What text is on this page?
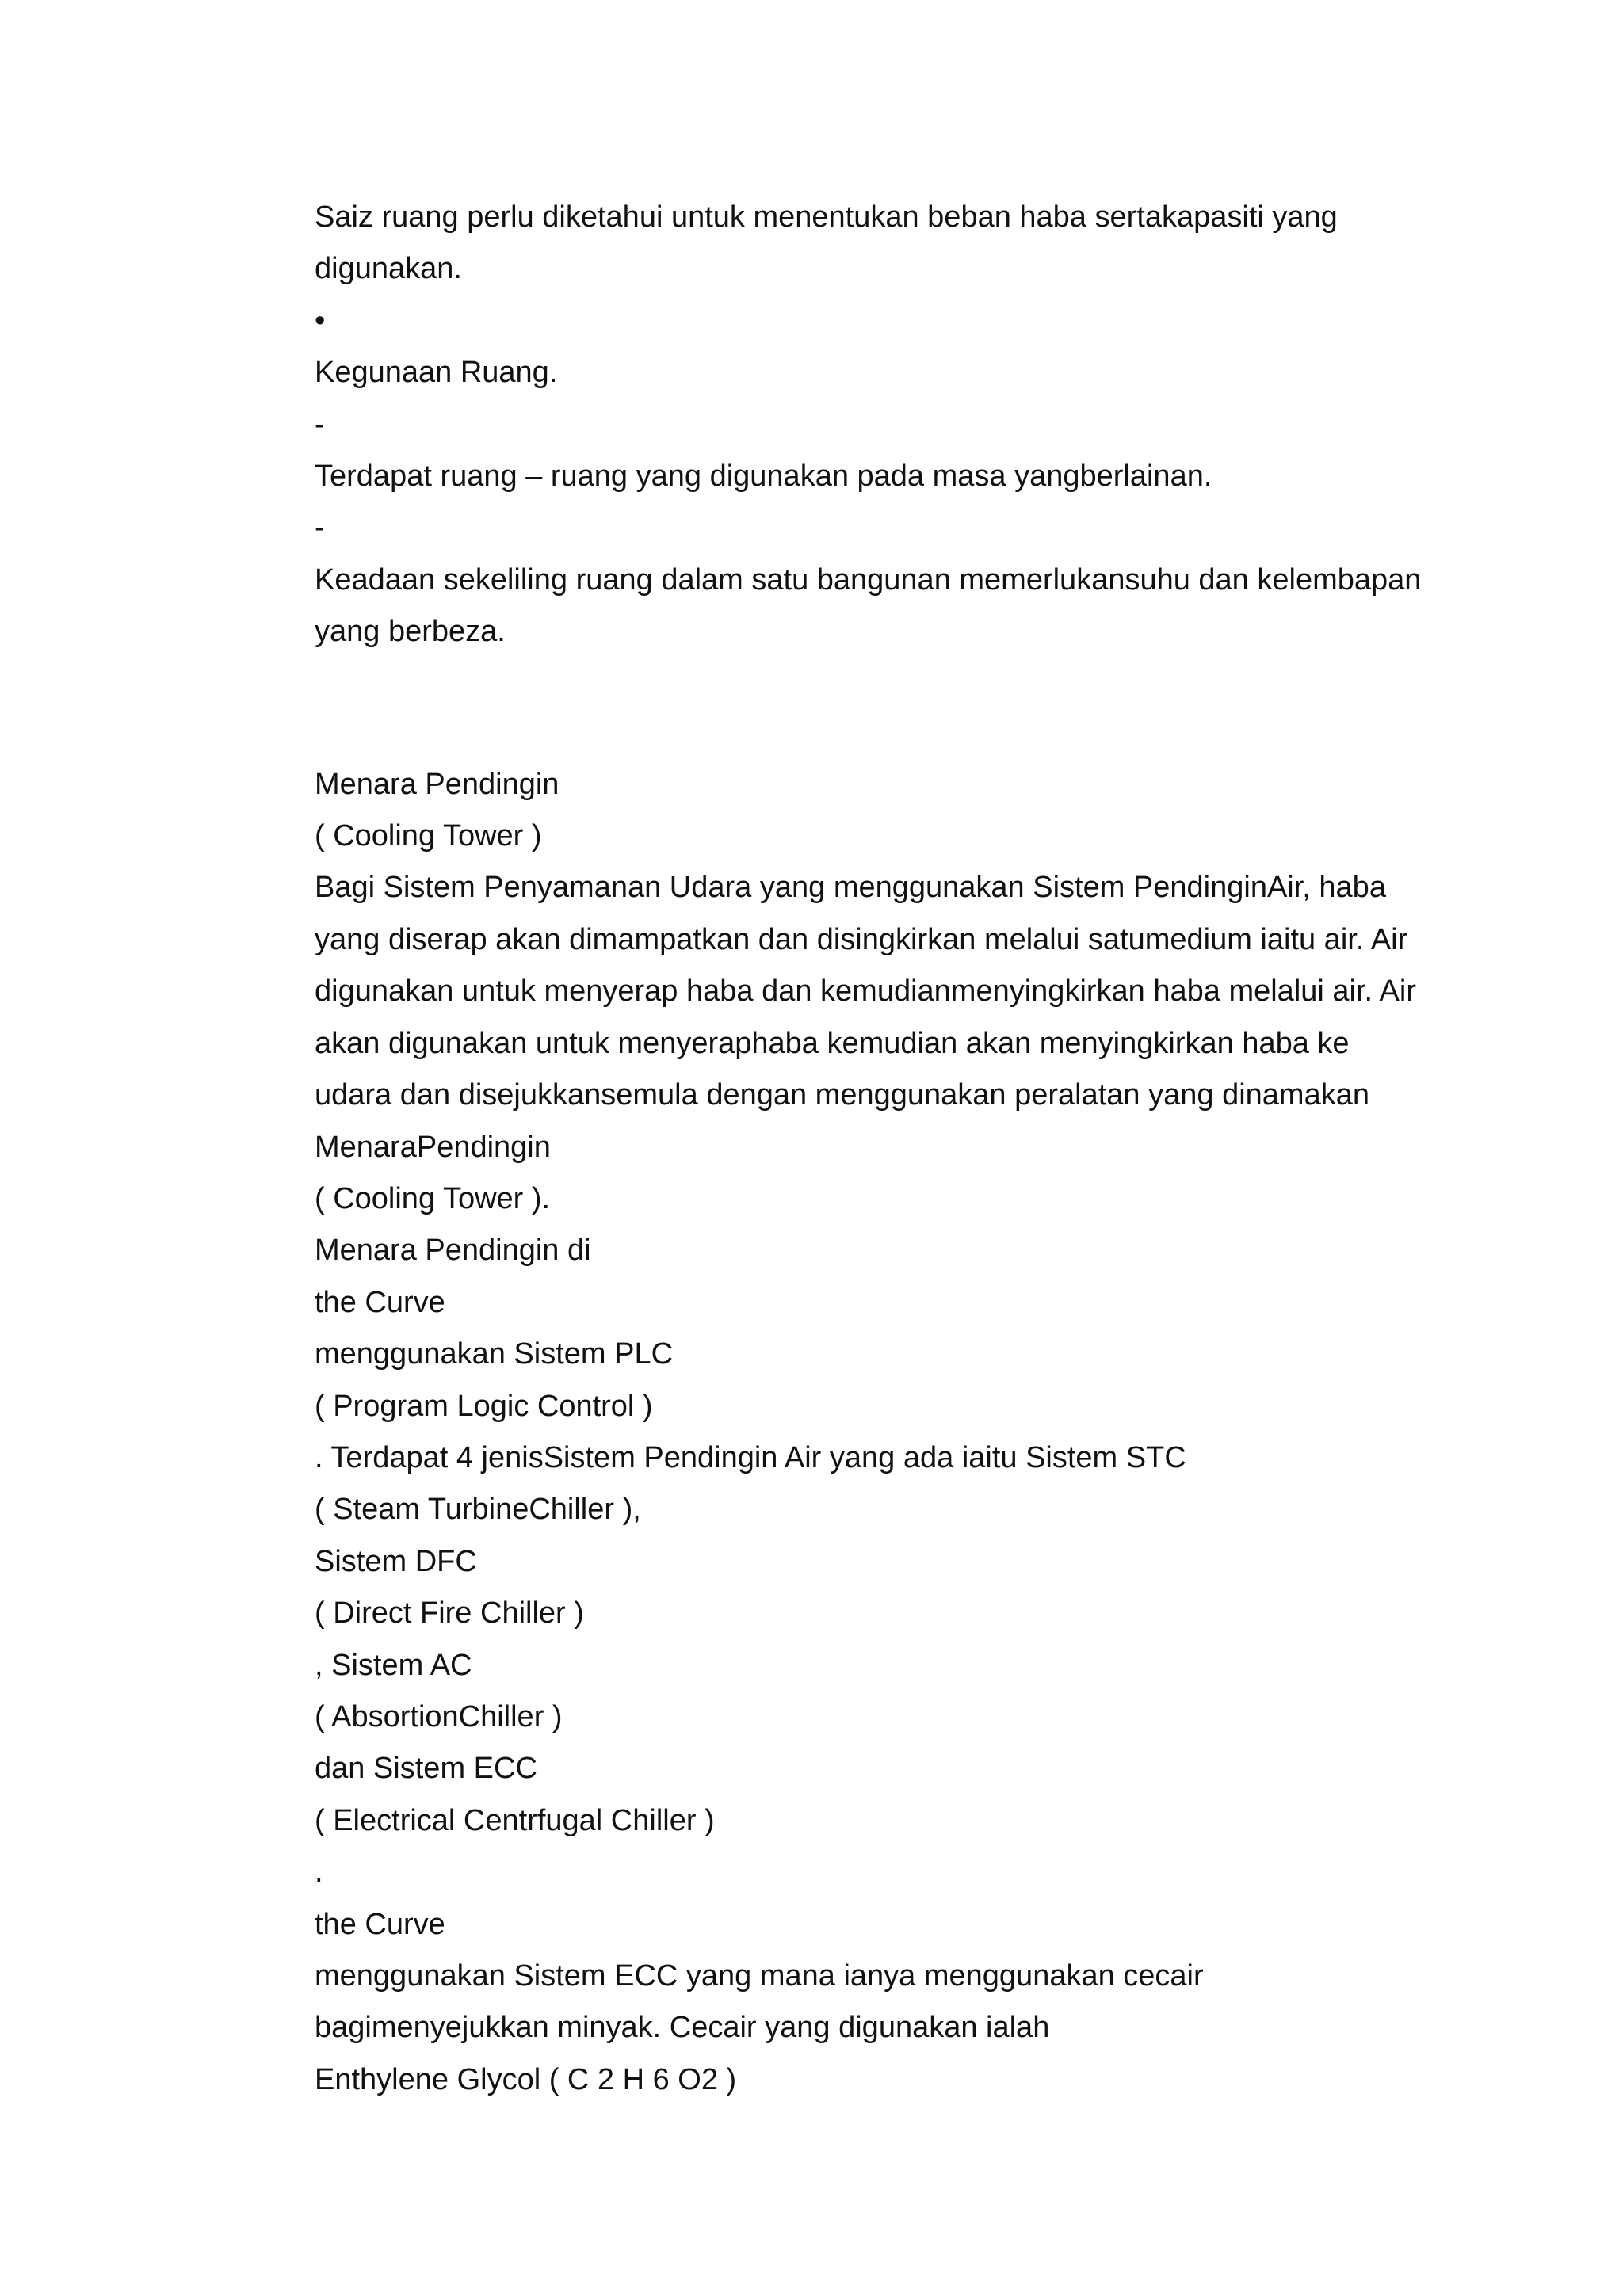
Saiz ruang perlu diketahui untuk menentukan beban haba sertakapasiti yang

digunakan.

•

Kegunaan Ruang.

-

Terdapat ruang – ruang yang digunakan pada masa yangberlainan.

-

Keadaan sekeliling ruang dalam satu bangunan memerlukansuhu dan kelembapan

yang berbeza.

Menara Pendingin

( Cooling Tower )

Bagi Sistem Penyamanan Udara yang menggunakan Sistem PendinginAir, haba

yang diserap akan dimampatkan dan disingkirkan melalui satumedium iaitu air. Air

digunakan untuk menyerap haba dan kemudianmenyingkirkan haba melalui air. Air

akan digunakan untuk menyeraphaba kemudian akan menyingkirkan haba ke

udara dan disejukkansemula dengan menggunakan peralatan yang dinamakan

MenaraPendingin

( Cooling Tower ).

Menara Pendingin di

the Curve

menggunakan Sistem PLC

( Program Logic Control )

. Terdapat 4 jenisSistem Pendingin Air yang ada iaitu Sistem STC

( Steam TurbineChiller ),

Sistem DFC

( Direct Fire Chiller )

, Sistem AC

( AbsortionChiller )

dan Sistem ECC

( Electrical Centrfugal Chiller )

.

the Curve

menggunakan Sistem ECC yang mana ianya menggunakan cecair

bagimenyejukkan minyak. Cecair yang digunakan ialah

Enthylene Glycol ( C 2 H 6 O2 )
